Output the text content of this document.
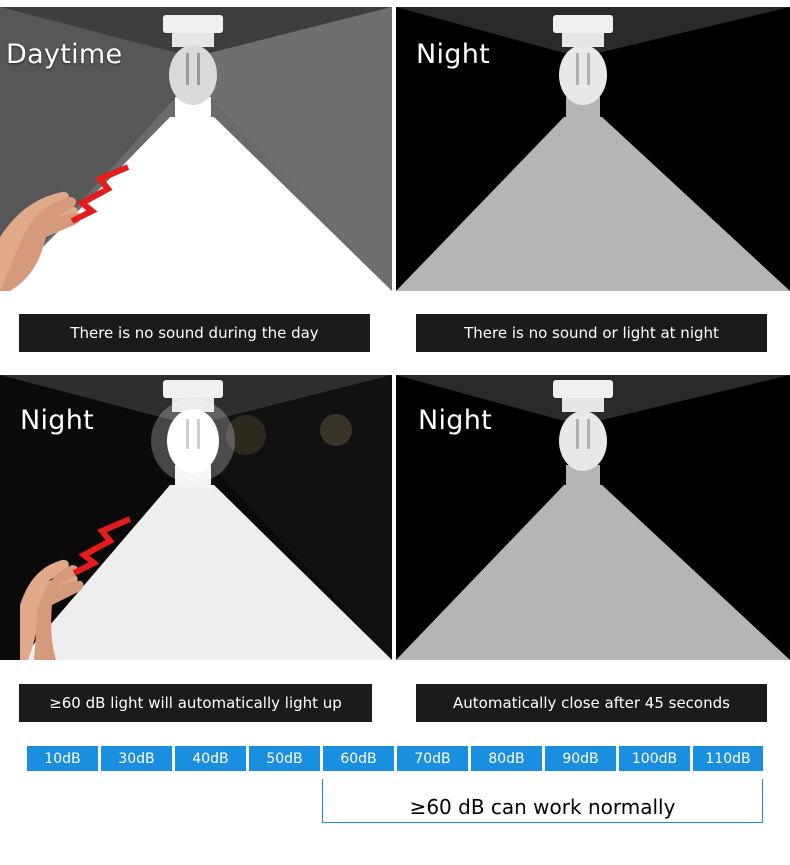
Daytime	Night
There is no sound during the day	There is no sound or light at night
Night	Night
≥60 dB light will automatically light up	Automatically close after 45 seconds
10dB	30dB	40dB	50dB	60dB	70dB	80dB	90dB	100dB	110dB
≥60 dB can work normally
